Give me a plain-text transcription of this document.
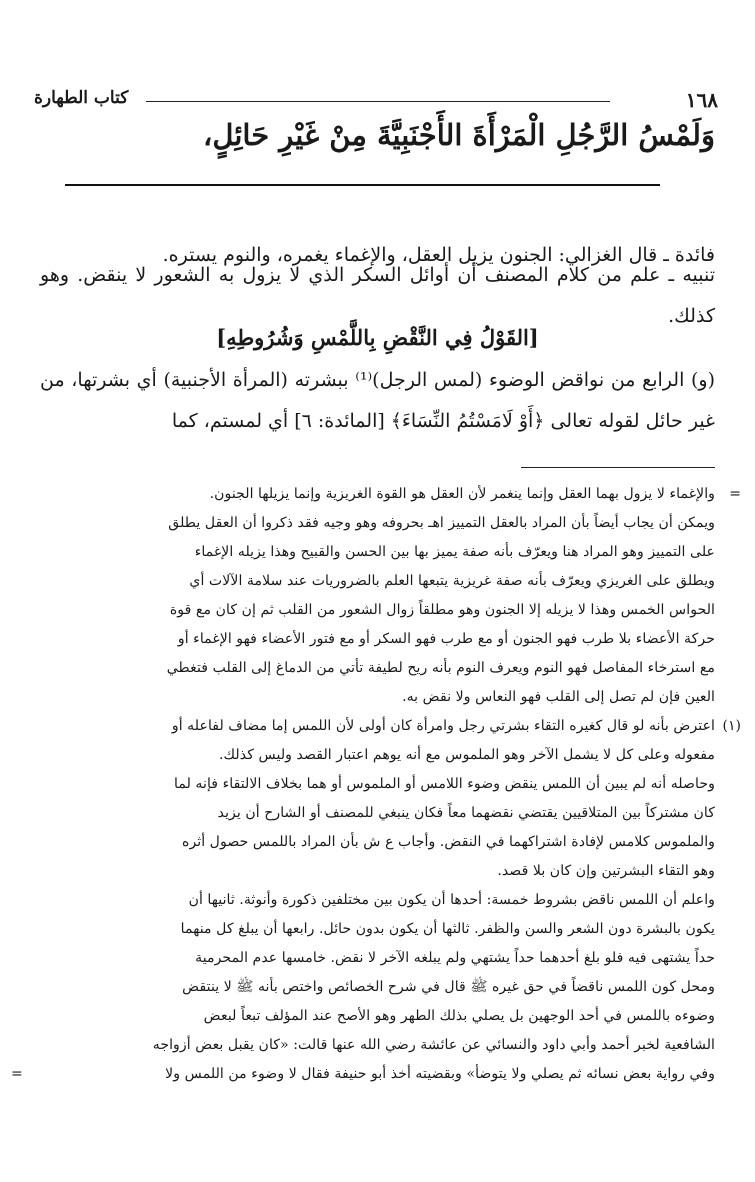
١٦٨
كتاب الطهارة
وَلَمْسُ الرَّجُلِ الْمَرْأَةَ الأَجْنَبِيَّةَ مِنْ غَيْرِ حَائِلٍ،
فائدة ـ قال الغزالي: الجنون يزيل العقل، والإغماء يغمره، والنوم يستره.
تنبيه ـ علم من كلام المصنف أن أوائل السكر الذي لا يزول به الشعور لا ينقض. وهو كذلك.
[القَوْلُ فِي النَّقْضِ بِاللَّمْسِ وَشُرُوطِهِ]
(و) الرابع من نواقض الوضوء (لمس الرجل)⁽¹⁾ ببشرته (المرأة الأجنبية) أي بشرتها، من غير حائل لقوله تعالى ﴿أَوْ لَامَسْتُمُ النِّسَاءَ﴾ [المائدة: ٦] أي لمستم، كما
=
والإغماء لا يزول بهما العقل وإنما ينغمر لأن العقل هو القوة الغريزية وإنما يزيلها الجنون.
ويمكن أن يجاب أيضاً بأن المراد بالعقل التمييز اهـ بحروفه وهو وجيه فقد ذكروا أن العقل يطلق
على التمييز وهو المراد هنا ويعرّف بأنه صفة يميز بها بين الحسن والقبيح وهذا يزيله الإغماء
ويطلق على الغريزي ويعرّف بأنه صفة غريزية يتبعها العلم بالضروريات عند سلامة الآلات أي
الحواس الخمس وهذا لا يزيله إلا الجنون وهو مطلقاً زوال الشعور من القلب ثم إن كان مع قوة
حركة الأعضاء بلا طرب فهو الجنون أو مع طرب فهو السكر أو مع فتور الأعضاء فهو الإغماء أو
مع استرخاء المفاصل فهو النوم ويعرف النوم بأنه ريح لطيفة تأتي من الدماغ إلى القلب فتغطي
العين فإن لم تصل إلى القلب فهو النعاس ولا نقض به.
(١)
اعترض بأنه لو قال كغيره التقاء بشرتي رجل وامرأة كان أولى لأن اللمس إما مضاف لفاعله أو
مفعوله وعلى كل لا يشمل الآخر وهو الملموس مع أنه يوهم اعتبار القصد وليس كذلك.
وحاصله أنه لم يبين أن اللمس ينقض وضوء اللامس أو الملموس أو هما بخلاف الالتقاء فإنه لما
كان مشتركاً بين المتلاقيين يقتضي نقضهما معاً فكان ينبغي للمصنف أو الشارح أن يزيد
والملموس كلامس لإفادة اشتراكهما في النقض. وأجاب ع ش بأن المراد باللمس حصول أثره
وهو التقاء البشرتين وإن كان بلا قصد.
واعلم أن اللمس ناقض بشروط خمسة: أحدها أن يكون بين مختلفين ذكورة وأنوثة. ثانيها أن
يكون بالبشرة دون الشعر والسن والظفر. ثالثها أن يكون بدون حائل. رابعها أن يبلغ كل منهما
حداً يشتهى فيه فلو بلغ أحدهما حداً يشتهي ولم يبلغه الآخر لا نقض. خامسها عدم المحرمية
ومحل كون اللمس ناقضاً في حق غيره ﷺ قال في شرح الخصائص واختص بأنه ﷺ لا ينتقض
وضوءه باللمس في أحد الوجهين بل يصلي بذلك الطهر وهو الأصح عند المؤلف تبعاً لبعض
الشافعية لخبر أحمد وأبي داود والنسائي عن عائشة رضي الله عنها قالت: «كان يقبل بعض أزواجه
وفي رواية بعض نسائه ثم يصلي ولا يتوضأ» وبقضيته أخذ أبو حنيفة فقال لا وضوء من اللمس ولا
=
